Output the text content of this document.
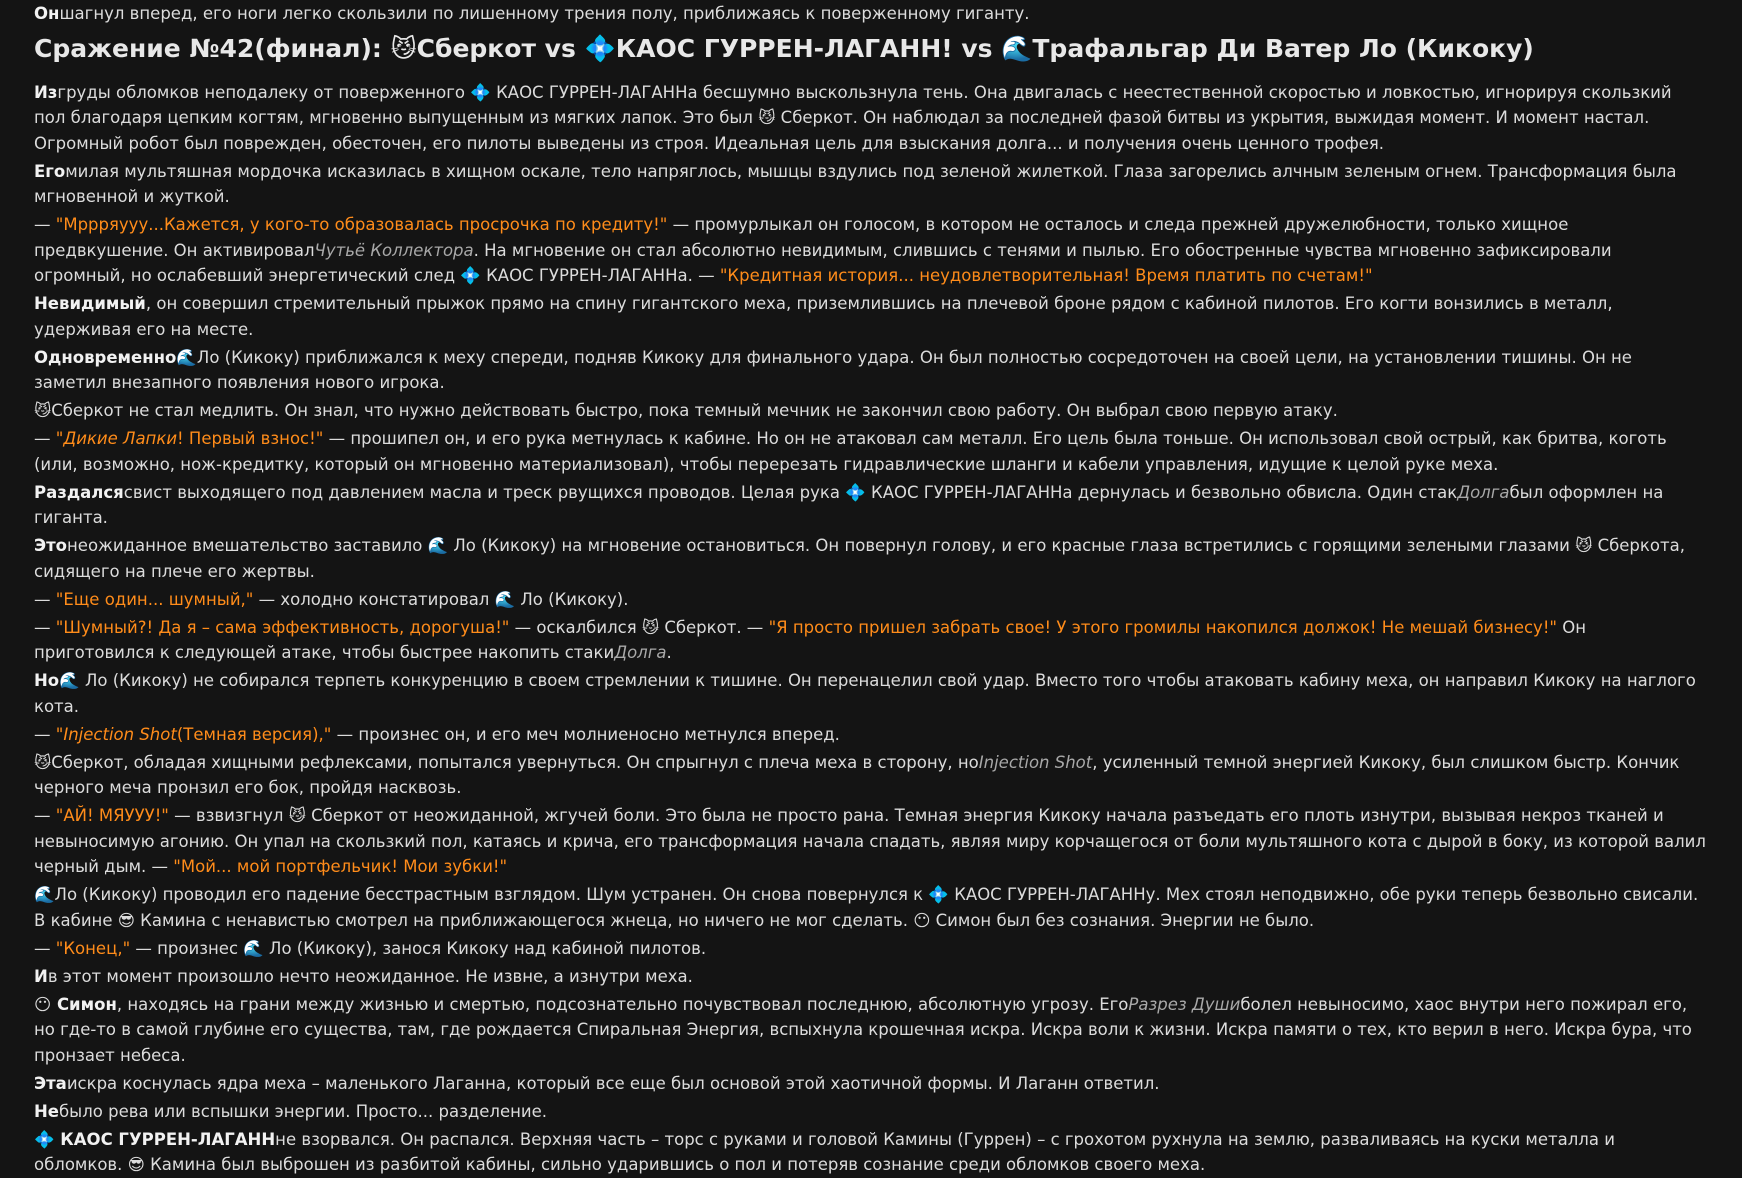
Оншагнул вперед, его ноги легко скользили по лишенному трения полу, приближаясь к поверженному гиганту.
Сражение №42(финал): 😼Сберкот vs 💠КАОС ГУРРЕН-ЛАГАНН! vs 🌊Трафальгар Ди Ватер Ло (Кикоку)
Изгруды обломков неподалеку от поверженного 💠 КАОС ГУРРЕН-ЛАГАННа бесшумно выскользнула тень. Она двигалась с неестественной скоростью и ловкостью, игнорируя скользкий пол благодаря цепким когтям, мгновенно выпущенным из мягких лапок. Это был 😼 Сберкот. Он наблюдал за последней фазой битвы из укрытия, выжидая момент. И момент настал. Огромный робот был поврежден, обесточен, его пилоты выведены из строя. Идеальная цель для взыскания долга... и получения очень ценного трофея.
Егомилая мультяшная мордочка исказилась в хищном оскале, тело напряглось, мышцы вздулись под зеленой жилеткой. Глаза загорелись алчным зеленым огнем. Трансформация была мгновенной и жуткой.
— "Мррряууу...Кажется, у кого-то образовалась просрочка по кредиту!" — промурлыкал он голосом, в котором не осталось и следа прежней дружелюбности, только хищное предвкушение. Он активировалЧутьё Коллектора. На мгновение он стал абсолютно невидимым, слившись с тенями и пылью. Его обостренные чувства мгновенно зафиксировали огромный, но ослабевший энергетический след 💠 КАОС ГУРРЕН-ЛАГАННа. — "Кредитная история... неудовлетворительная! Время платить по счетам!"
Невидимый, он совершил стремительный прыжок прямо на спину гигантского меха, приземлившись на плечевой броне рядом с кабиной пилотов. Его когти вонзились в металл, удерживая его на месте.
Одновременно🌊Ло (Кикоку) приближался к меху спереди, подняв Кикоку для финального удара. Он был полностью сосредоточен на своей цели, на установлении тишины. Он не заметил внезапного появления нового игрока.
😼Сберкот не стал медлить. Он знал, что нужно действовать быстро, пока темный мечник не закончил свою работу. Он выбрал свою первую атаку.
— "Дикие Лапки! Первый взнос!" — прошипел он, и его рука метнулась к кабине. Но он не атаковал сам металл. Его цель была тоньше. Он использовал свой острый, как бритва, коготь (или, возможно, нож-кредитку, который он мгновенно материализовал), чтобы перерезать гидравлические шланги и кабели управления, идущие к целой руке меха.
Раздалсясвист выходящего под давлением масла и треск рвущихся проводов. Целая рука 💠 КАОС ГУРРЕН-ЛАГАННа дернулась и безвольно обвисла. Один стакДолгабыл оформлен на гиганта.
Этонеожиданное вмешательство заставило 🌊 Ло (Кикоку) на мгновение остановиться. Он повернул голову, и его красные глаза встретились с горящими зелеными глазами 😼 Сберкота, сидящего на плече его жертвы.
— "Еще один... шумный," — холодно констатировал 🌊 Ло (Кикоку).
— "Шумный?! Да я – сама эффективность, дорогуша!" — оскалбился 😼 Сберкот. — "Я просто пришел забрать свое! У этого громилы накопился должок! Не мешай бизнесу!" Он приготовился к следующей атаке, чтобы быстрее накопить стакиДолга.
Но🌊 Ло (Кикоку) не собирался терпеть конкуренцию в своем стремлении к тишине. Он перенацелил свой удар. Вместо того чтобы атаковать кабину меха, он направил Кикоку на наглого кота.
— "Injection Shot(Темная версия)," — произнес он, и его меч молниеносно метнулся вперед.
😼Сберкот, обладая хищными рефлексами, попытался увернуться. Он спрыгнул с плеча меха в сторону, ноInjection Shot, усиленный темной энергией Кикоку, был слишком быстр. Кончик черного меча пронзил его бок, пройдя насквозь.
— "АЙ! МЯУУУ!" — взвизгнул 😼 Сберкот от неожиданной, жгучей боли. Это была не просто рана. Темная энергия Кикоку начала разъедать его плоть изнутри, вызывая некроз тканей и невыносимую агонию. Он упал на скользкий пол, катаясь и крича, его трансформация начала спадать, являя миру корчащегося от боли мультяшного кота с дырой в боку, из которой валил черный дым. — "Мой... мой портфельчик! Мои зубки!"
🌊Ло (Кикоку) проводил его падение бесстрастным взглядом. Шум устранен. Он снова повернулся к 💠 КАОС ГУРРЕН-ЛАГАННу. Мех стоял неподвижно, обе руки теперь безвольно свисали. В кабине 😎 Камина с ненавистью смотрел на приближающегося жнеца, но ничего не мог сделать. 😶 Симон был без сознания. Энергии не было.
— "Конец," — произнес 🌊 Ло (Кикоку), занося Кикоку над кабиной пилотов.
Ив этот момент произошло нечто неожиданное. Не извне, а изнутри меха.
😶 Симон, находясь на грани между жизнью и смертью, подсознательно почувствовал последнюю, абсолютную угрозу. ЕгоРазрез Душиболел невыносимо, хаос внутри него пожирал его, но где-то в самой глубине его существа, там, где рождается Спиральная Энергия, вспыхнула крошечная искра. Искра воли к жизни. Искра памяти о тех, кто верил в него. Искра бура, что пронзает небеса.
Этаискра коснулась ядра меха – маленького Лаганна, который все еще был основой этой хаотичной формы. И Лаганн ответил.
Небыло рева или вспышки энергии. Просто... разделение.
💠 КАОС ГУРРЕН-ЛАГАННне взорвался. Он распался. Верхняя часть – торс с руками и головой Камины (Гуррен) – с грохотом рухнула на землю, разваливаясь на куски металла и обломков. 😎 Камина был выброшен из разбитой кабины, сильно ударившись о пол и потеряв сознание среди обломков своего меха.
